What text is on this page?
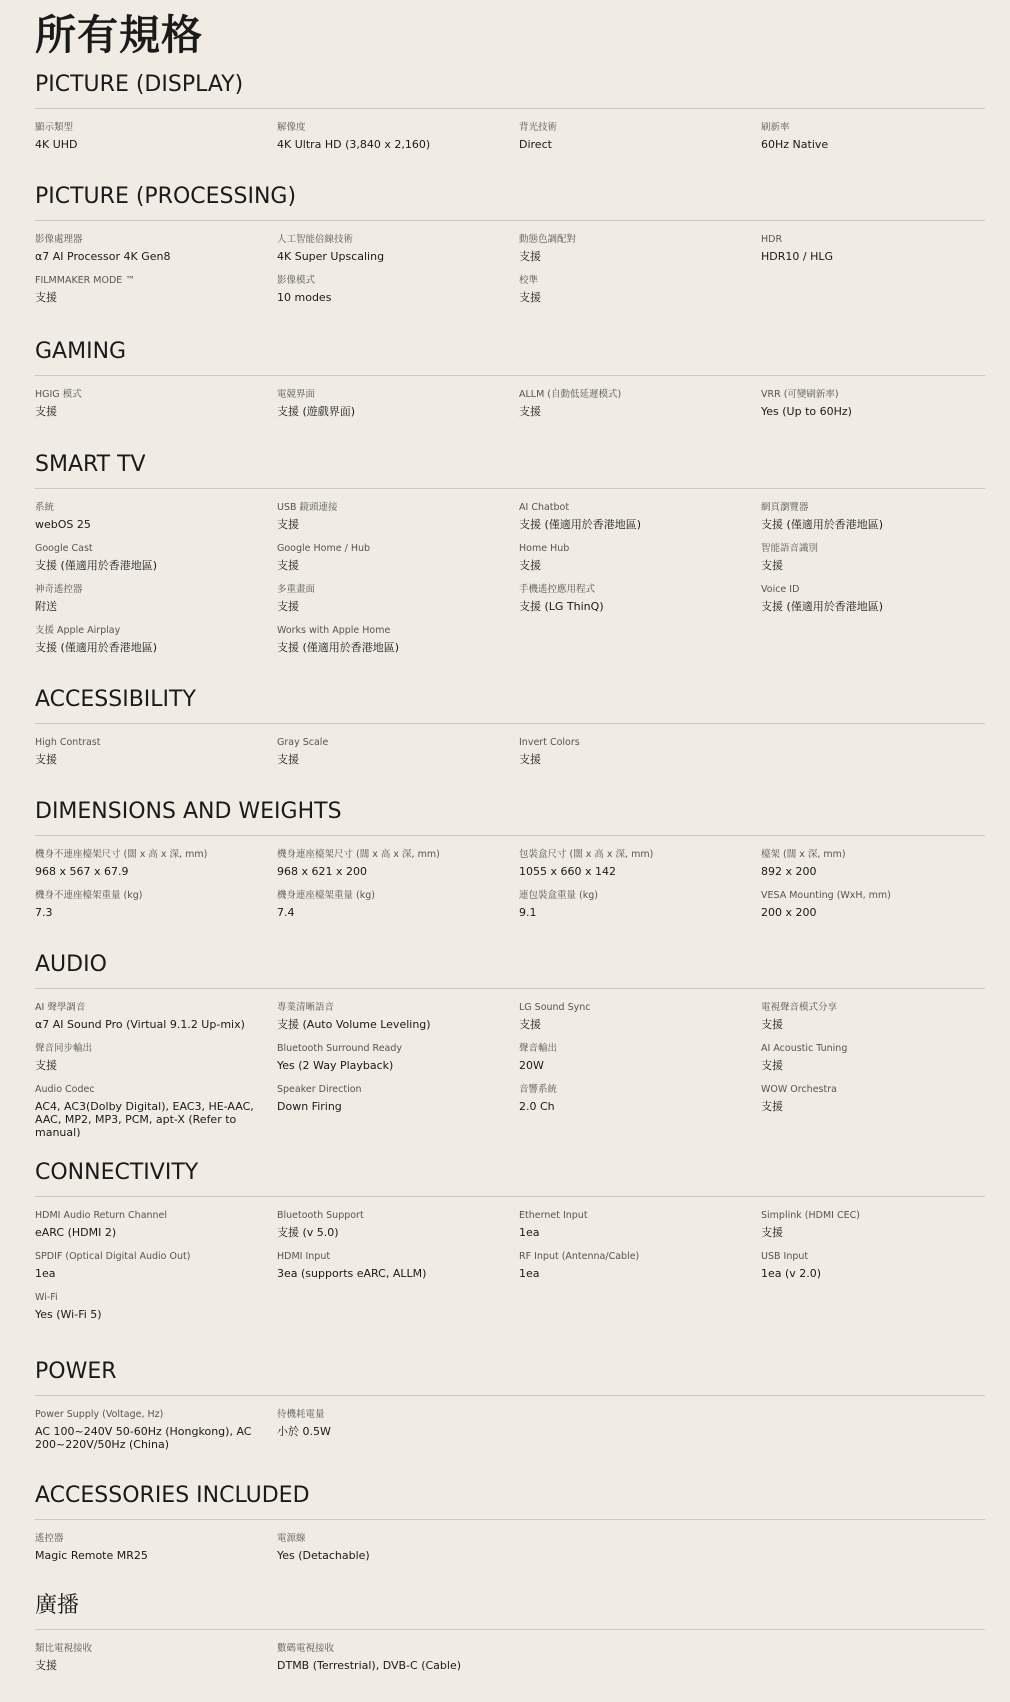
所有規格
PICTURE (DISPLAY)
顯示類型
4K UHD
解像度
4K Ultra HD (3,840 x 2,160)
背光技術
Direct
刷新率
60Hz Native
PICTURE (PROCESSING)
影像處理器
α7 AI Processor 4K Gen8
人工智能倍線技術
4K Super Upscaling
動態色調配對
支援
HDR
HDR10 / HLG
FILMMAKER MODE ™
支援
影像模式
10 modes
校準
支援
GAMING
HGIG 模式
支援
電競界面
支援 (遊戲界面)
ALLM (自動低延遲模式)
支援
VRR (可變刷新率)
Yes (Up to 60Hz)
SMART TV
系統
webOS 25
USB 鏡頭連接
支援
AI Chatbot
支援 (僅適用於香港地區)
網頁瀏覽器
支援 (僅適用於香港地區)
Google Cast
支援 (僅適用於香港地區)
Google Home / Hub
支援
Home Hub
支援
智能語音識別
支援
神奇遙控器
附送
多重畫面
支援
手機遙控應用程式
支援 (LG ThinQ)
Voice ID
支援 (僅適用於香港地區)
支援 Apple Airplay
支援 (僅適用於香港地區)
Works with Apple Home
支援 (僅適用於香港地區)
ACCESSIBILITY
High Contrast
支援
Gray Scale
支援
Invert Colors
支援
DIMENSIONS AND WEIGHTS
機身不連座檯架尺寸 (闊 x 高 x 深, mm)
968 x 567 x 67.9
機身連座檯架尺寸 (闊 x 高 x 深, mm)
968 x 621 x 200
包裝盒尺寸 (闊 x 高 x 深, mm)
1055 x 660 x 142
檯架 (闊 x 深, mm)
892 x 200
機身不連座檯架重量 (kg)
7.3
機身連座檯架重量 (kg)
7.4
連包裝盒重量 (kg)
9.1
VESA Mounting (WxH, mm)
200 x 200
AUDIO
AI 聲學調音
α7 AI Sound Pro (Virtual 9.1.2 Up-mix)
專業清晰語音
支援 (Auto Volume Leveling)
LG Sound Sync
支援
電視聲音模式分享
支援
聲音同步輸出
支援
Bluetooth Surround Ready
Yes (2 Way Playback)
聲音輸出
20W
AI Acoustic Tuning
支援
Audio Codec
AC4, AC3(Dolby Digital), EAC3, HE-AAC, AAC, MP2, MP3, PCM, apt-X (Refer to manual)
Speaker Direction
Down Firing
音響系統
2.0 Ch
WOW Orchestra
支援
CONNECTIVITY
HDMI Audio Return Channel
eARC (HDMI 2)
Bluetooth Support
支援 (v 5.0)
Ethernet Input
1ea
Simplink (HDMI CEC)
支援
SPDIF (Optical Digital Audio Out)
1ea
HDMI Input
3ea (supports eARC, ALLM)
RF Input (Antenna/Cable)
1ea
USB Input
1ea (v 2.0)
Wi-Fi
Yes (Wi-Fi 5)
POWER
Power Supply (Voltage, Hz)
AC 100~240V 50-60Hz (Hongkong), AC 200~220V/50Hz (China)
待機耗電量
小於 0.5W
ACCESSORIES INCLUDED
遙控器
Magic Remote MR25
電源線
Yes (Detachable)
廣播
類比電視接收
支援
數碼電視接收
DTMB (Terrestrial), DVB-C (Cable)
